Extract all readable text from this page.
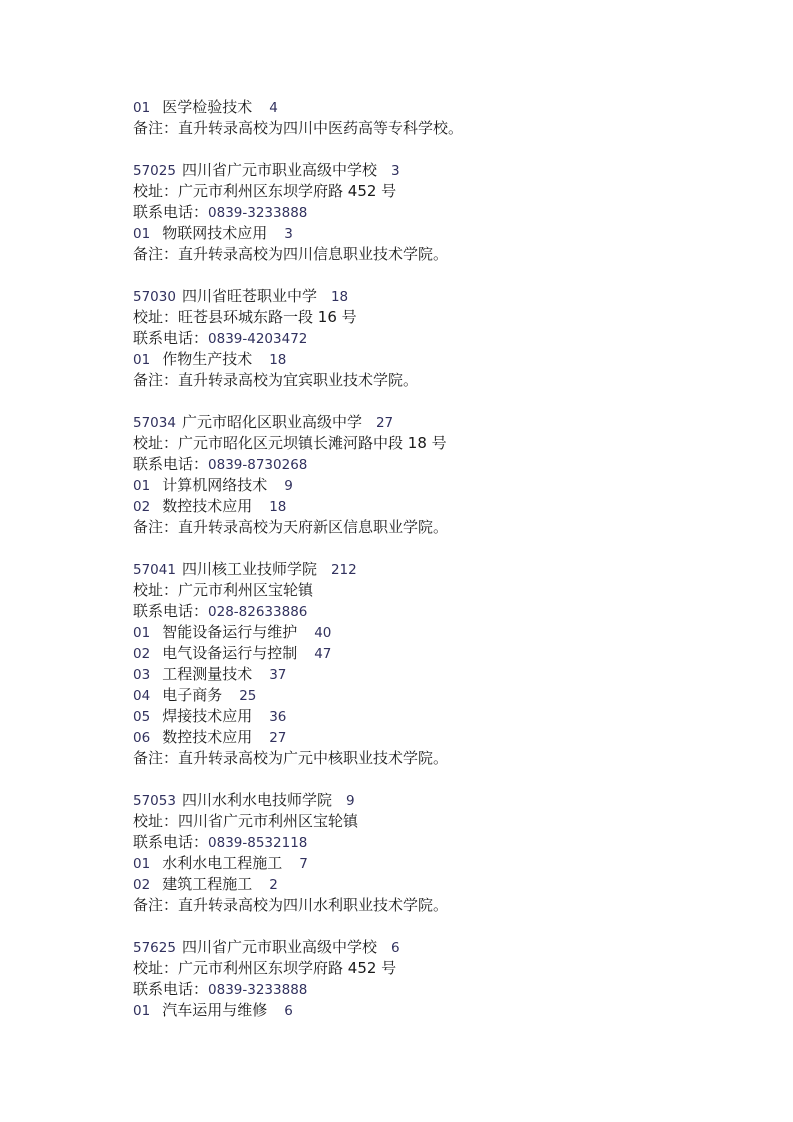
01 医学检验技术 4
备注：直升转录高校为四川中医药高等专科学校。
57025 四川省广元市职业高级中学校 3
校址： 广元市利州区东坝学府路 452 号
联系电话： 0839-3233888
01 物联网技术应用 3
备注：直升转录高校为四川信息职业技术学院。
57030 四川省旺苍职业中学 18
校址： 旺苍县环城东路一段 16 号
联系电话： 0839-4203472
01 作物生产技术 18
备注：直升转录高校为宜宾职业技术学院。
57034 广元市昭化区职业高级中学 27
校址： 广元市昭化区元坝镇长滩河路中段 18 号
联系电话： 0839-8730268
01 计算机网络技术 9
02 数控技术应用 18
备注：直升转录高校为天府新区信息职业学院。
57041 四川核工业技师学院 212
校址： 广元市利州区宝轮镇
联系电话： 028-82633886
01 智能设备运行与维护 40
02 电气设备运行与控制 47
03 工程测量技术 37
04 电子商务 25
05 焊接技术应用 36
06 数控技术应用 27
备注：直升转录高校为广元中核职业技术学院。
57053 四川水利水电技师学院 9
校址： 四川省广元市利州区宝轮镇
联系电话： 0839-8532118
01 水利水电工程施工 7
02 建筑工程施工 2
备注：直升转录高校为四川水利职业技术学院。
57625 四川省广元市职业高级中学校 6
校址： 广元市利州区东坝学府路 452 号
联系电话： 0839-3233888
01 汽车运用与维修 6
